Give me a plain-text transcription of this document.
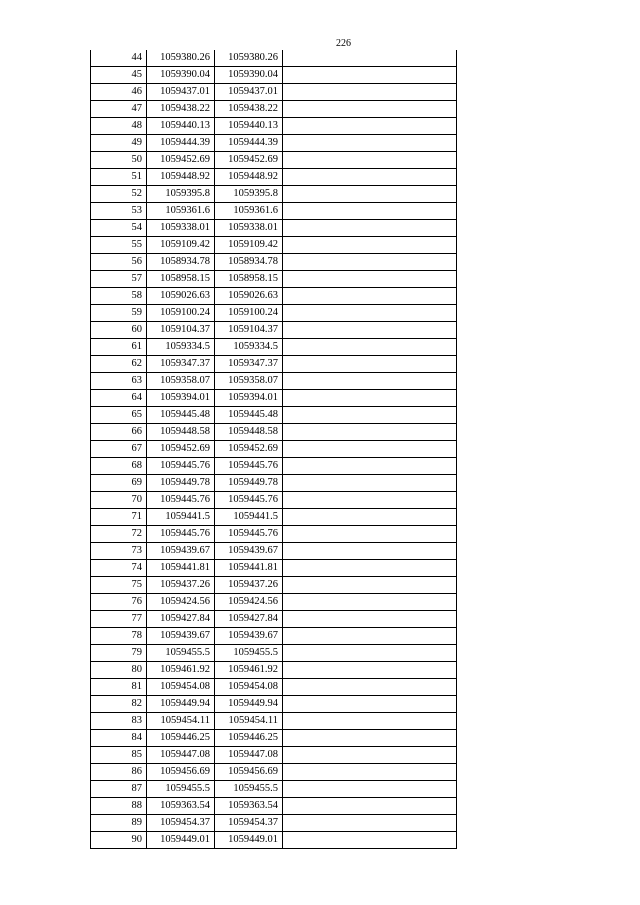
226
44	1059380.26	1059380.26	
45	1059390.04	1059390.04	
46	1059437.01	1059437.01	
47	1059438.22	1059438.22	
48	1059440.13	1059440.13	
49	1059444.39	1059444.39	
50	1059452.69	1059452.69	
51	1059448.92	1059448.92	
52	1059395.8	1059395.8	
53	1059361.6	1059361.6	
54	1059338.01	1059338.01	
55	1059109.42	1059109.42	
56	1058934.78	1058934.78	
57	1058958.15	1058958.15	
58	1059026.63	1059026.63	
59	1059100.24	1059100.24	
60	1059104.37	1059104.37	
61	1059334.5	1059334.5	
62	1059347.37	1059347.37	
63	1059358.07	1059358.07	
64	1059394.01	1059394.01	
65	1059445.48	1059445.48	
66	1059448.58	1059448.58	
67	1059452.69	1059452.69	
68	1059445.76	1059445.76	
69	1059449.78	1059449.78	
70	1059445.76	1059445.76	
71	1059441.5	1059441.5	
72	1059445.76	1059445.76	
73	1059439.67	1059439.67	
74	1059441.81	1059441.81	
75	1059437.26	1059437.26	
76	1059424.56	1059424.56	
77	1059427.84	1059427.84	
78	1059439.67	1059439.67	
79	1059455.5	1059455.5	
80	1059461.92	1059461.92	
81	1059454.08	1059454.08	
82	1059449.94	1059449.94	
83	1059454.11	1059454.11	
84	1059446.25	1059446.25	
85	1059447.08	1059447.08	
86	1059456.69	1059456.69	
87	1059455.5	1059455.5	
88	1059363.54	1059363.54	
89	1059454.37	1059454.37	
90	1059449.01	1059449.01	
